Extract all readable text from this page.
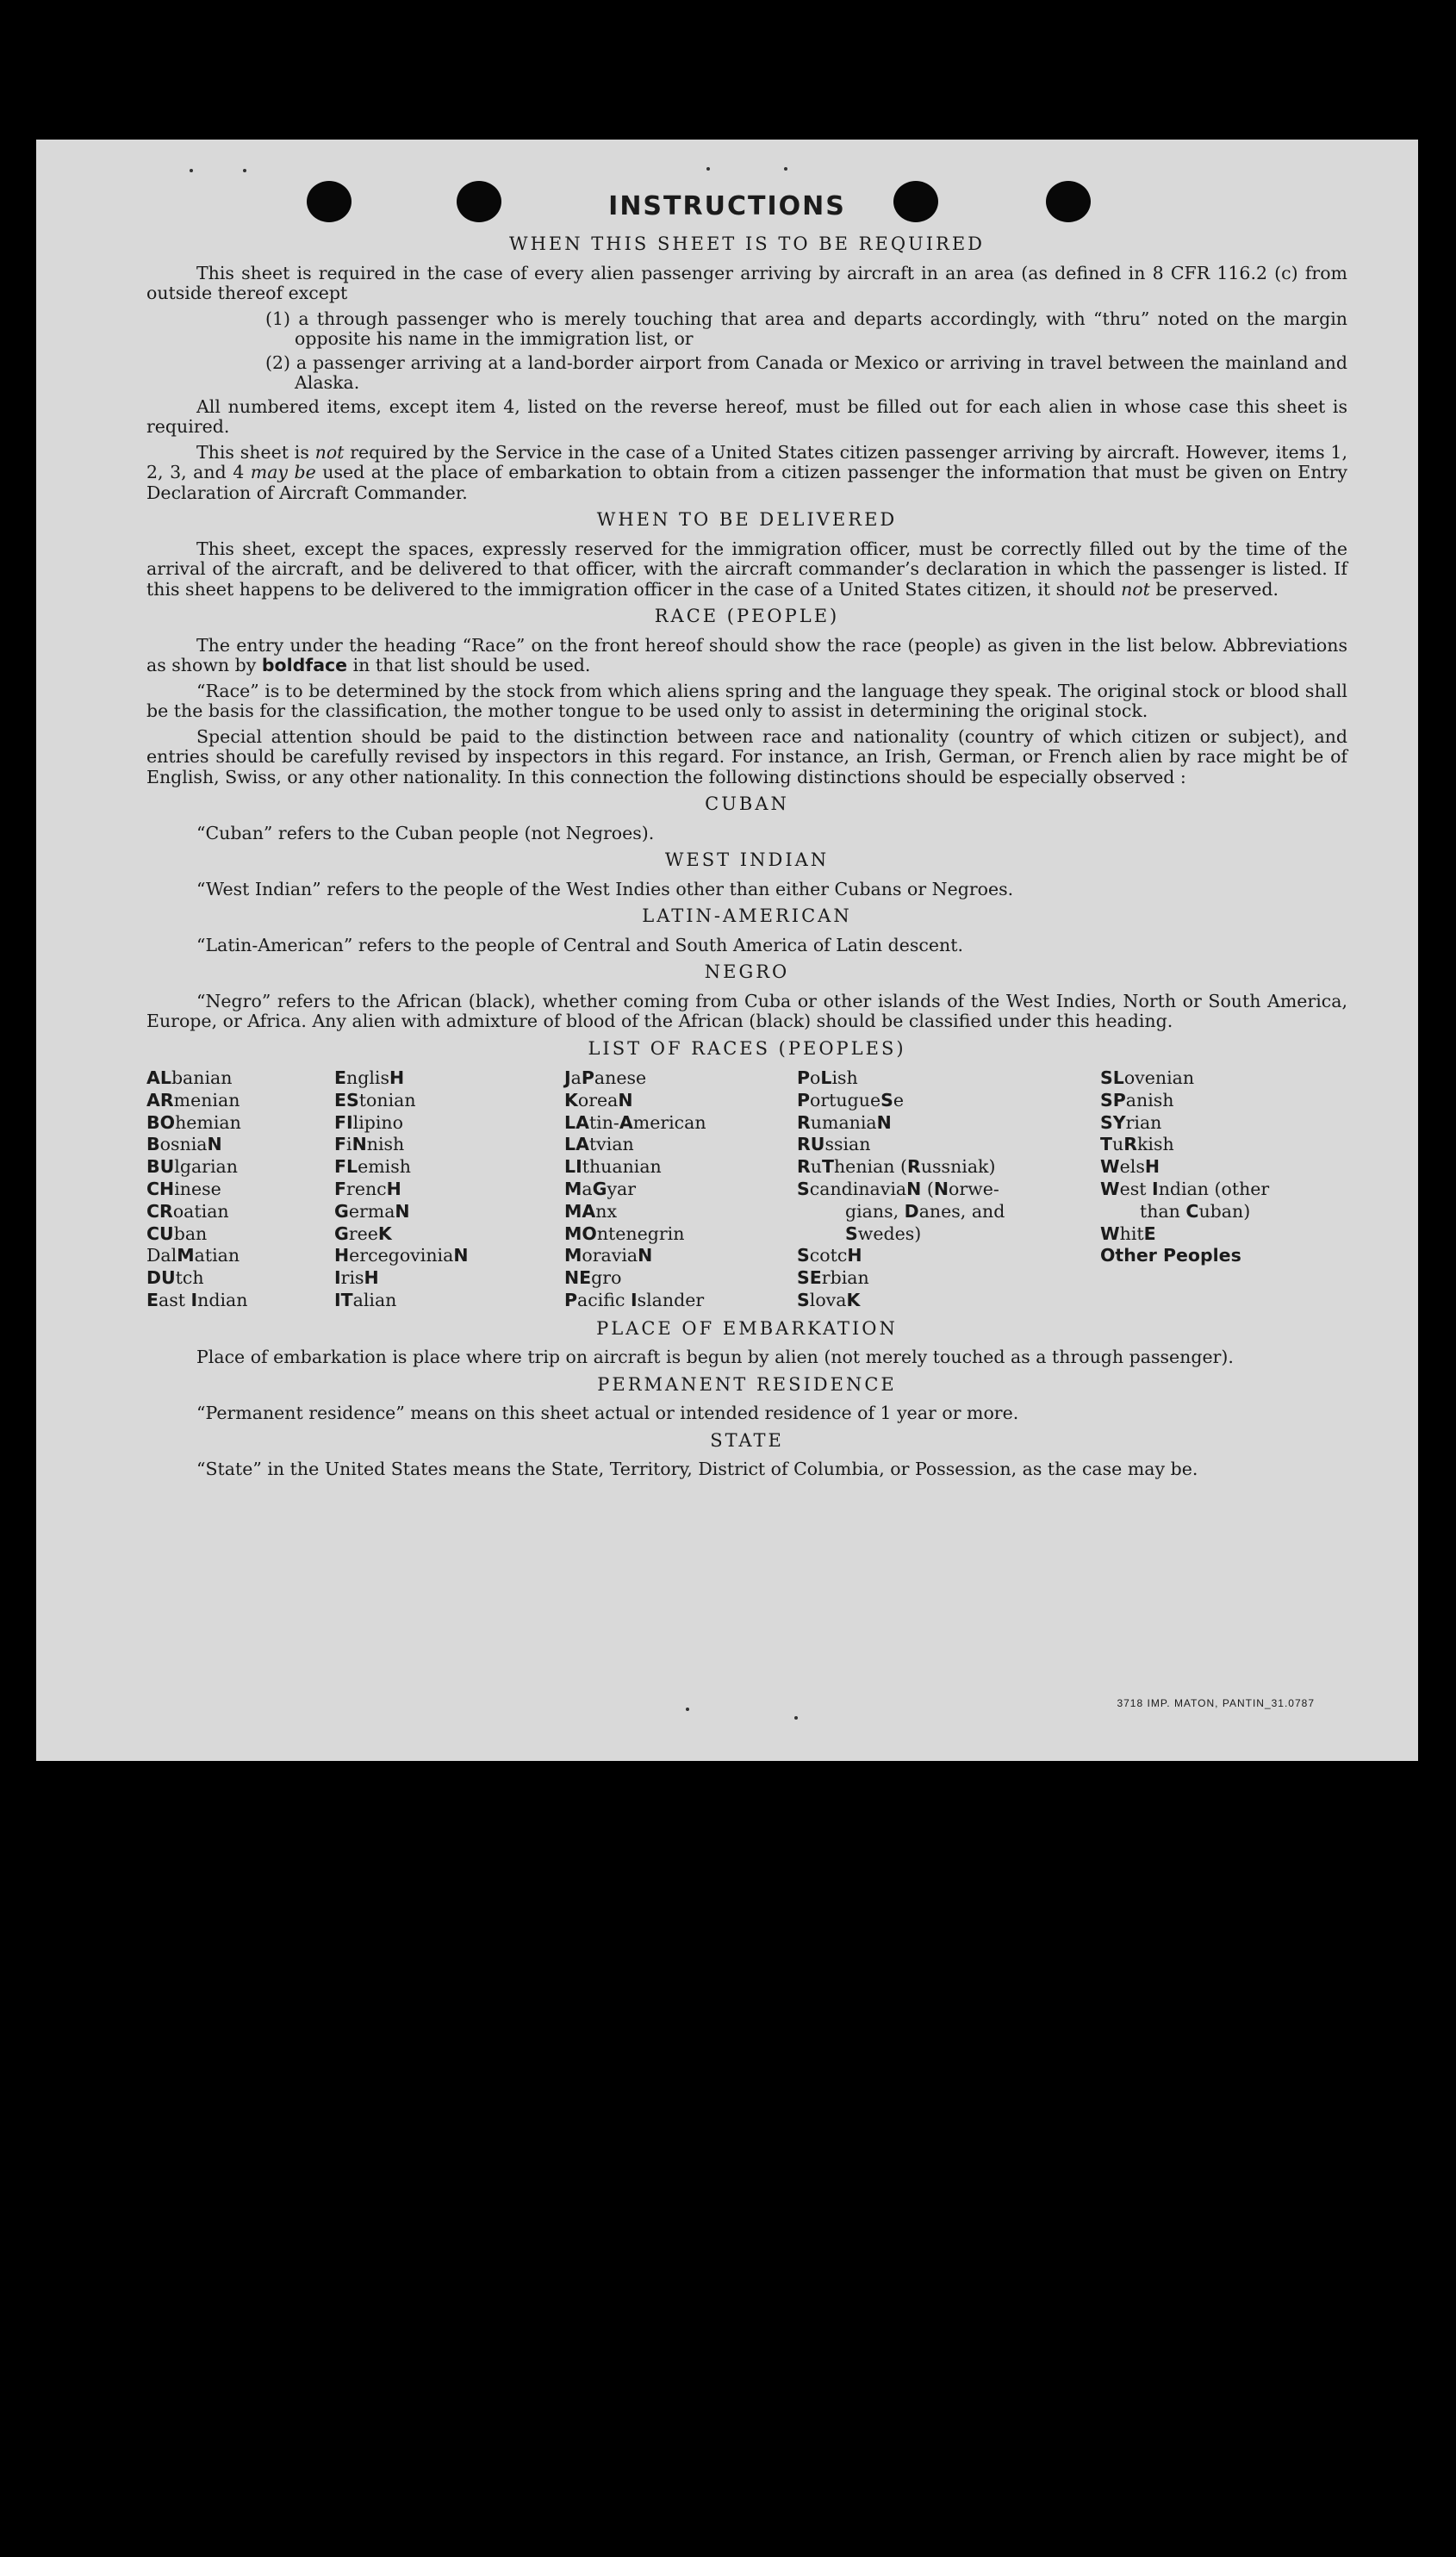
INSTRUCTIONS
WHEN THIS SHEET IS TO BE REQUIRED

This sheet is required in the case of every alien passenger arriving by aircraft in an area (as defined in 8 CFR 116.2 (c) from outside thereof except

(1) a through passenger who is merely touching that area and departs accordingly, with “thru” noted on the margin opposite his name in the immigration list, or

(2) a passenger arriving at a land-border airport from Canada or Mexico or arriving in travel between the mainland and Alaska.

All numbered items, except item 4, listed on the reverse hereof, must be filled out for each alien in whose case this sheet is required.

This sheet is not required by the Service in the case of a United States citizen passenger arriving by aircraft. However, items 1, 2, 3, and 4 may be used at the place of embarkation to obtain from a citizen passenger the information that must be given on Entry Declaration of Aircraft Commander.

WHEN TO BE DELIVERED

This sheet, except the spaces, expressly reserved for the immigration officer, must be correctly filled out by the time of the arrival of the aircraft, and be delivered to that officer, with the aircraft commander’s declaration in which the passenger is listed. If this sheet happens to be delivered to the immigration officer in the case of a United States citizen, it should not be preserved.

RACE (PEOPLE)

The entry under the heading “Race” on the front hereof should show the race (people) as given in the list below. Abbreviations as shown by boldface in that list should be used.

“Race” is to be determined by the stock from which aliens spring and the language they speak. The original stock or blood shall be the basis for the classification, the mother tongue to be used only to assist in determining the original stock.

Special attention should be paid to the distinction between race and nationality (country of which citizen or subject), and entries should be carefully revised by inspectors in this regard. For instance, an Irish, German, or French alien by race might be of English, Swiss, or any other nationality. In this connection the following distinctions should be especially observed :

CUBAN

“Cuban” refers to the Cuban people (not Negroes).

WEST INDIAN

“West Indian” refers to the people of the West Indies other than either Cubans or Negroes.

LATIN-AMERICAN

“Latin-American” refers to the people of Central and South America of Latin descent.

NEGRO

“Negro” refers to the African (black), whether coming from Cuba or other islands of the West Indies, North or South America, Europe, or Africa. Any alien with admixture of blood of the African (black) should be classified under this heading.

LIST OF RACES (PEOPLES)
ALbanian
ARmenian
BOhemian
BosniaN
BUlgarian
CHinese
CRoatian
CUban
DalMatian
DUtch
East Indian
EnglisH
EStonian
FIlipino
FiNnish
FLemish
FrencH
GermaN
GreeK
HercegoviniaN
IrisH
ITalian
JaPanese
KoreaN
LAtin-American
LAtvian
LIthuanian
MaGyar
MAnx
MOntenegrin
MoraviaN
NEgro
Pacific Islander
PoLish
PortugueSe
RumaniaN
RUssian
RuThenian (Russniak)
ScandinaviaN (Norwe-
gians, Danes, and
Swedes)
ScotcH
SErbian
SlovaK
SLovenian
SPanish
SYrian
TuRkish
WelsH
West Indian (other
than Cuban)
WhitE
Other Peoples
PLACE OF EMBARKATION

Place of embarkation is place where trip on aircraft is begun by alien (not merely touched as a through passenger).

PERMANENT RESIDENCE

“Permanent residence” means on this sheet actual or intended residence of 1 year or more.

STATE

“State” in the United States means the State, Territory, District of Columbia, or Possession, as the case may be.

3718 IMP. MATON, PANTIN_31.0787
